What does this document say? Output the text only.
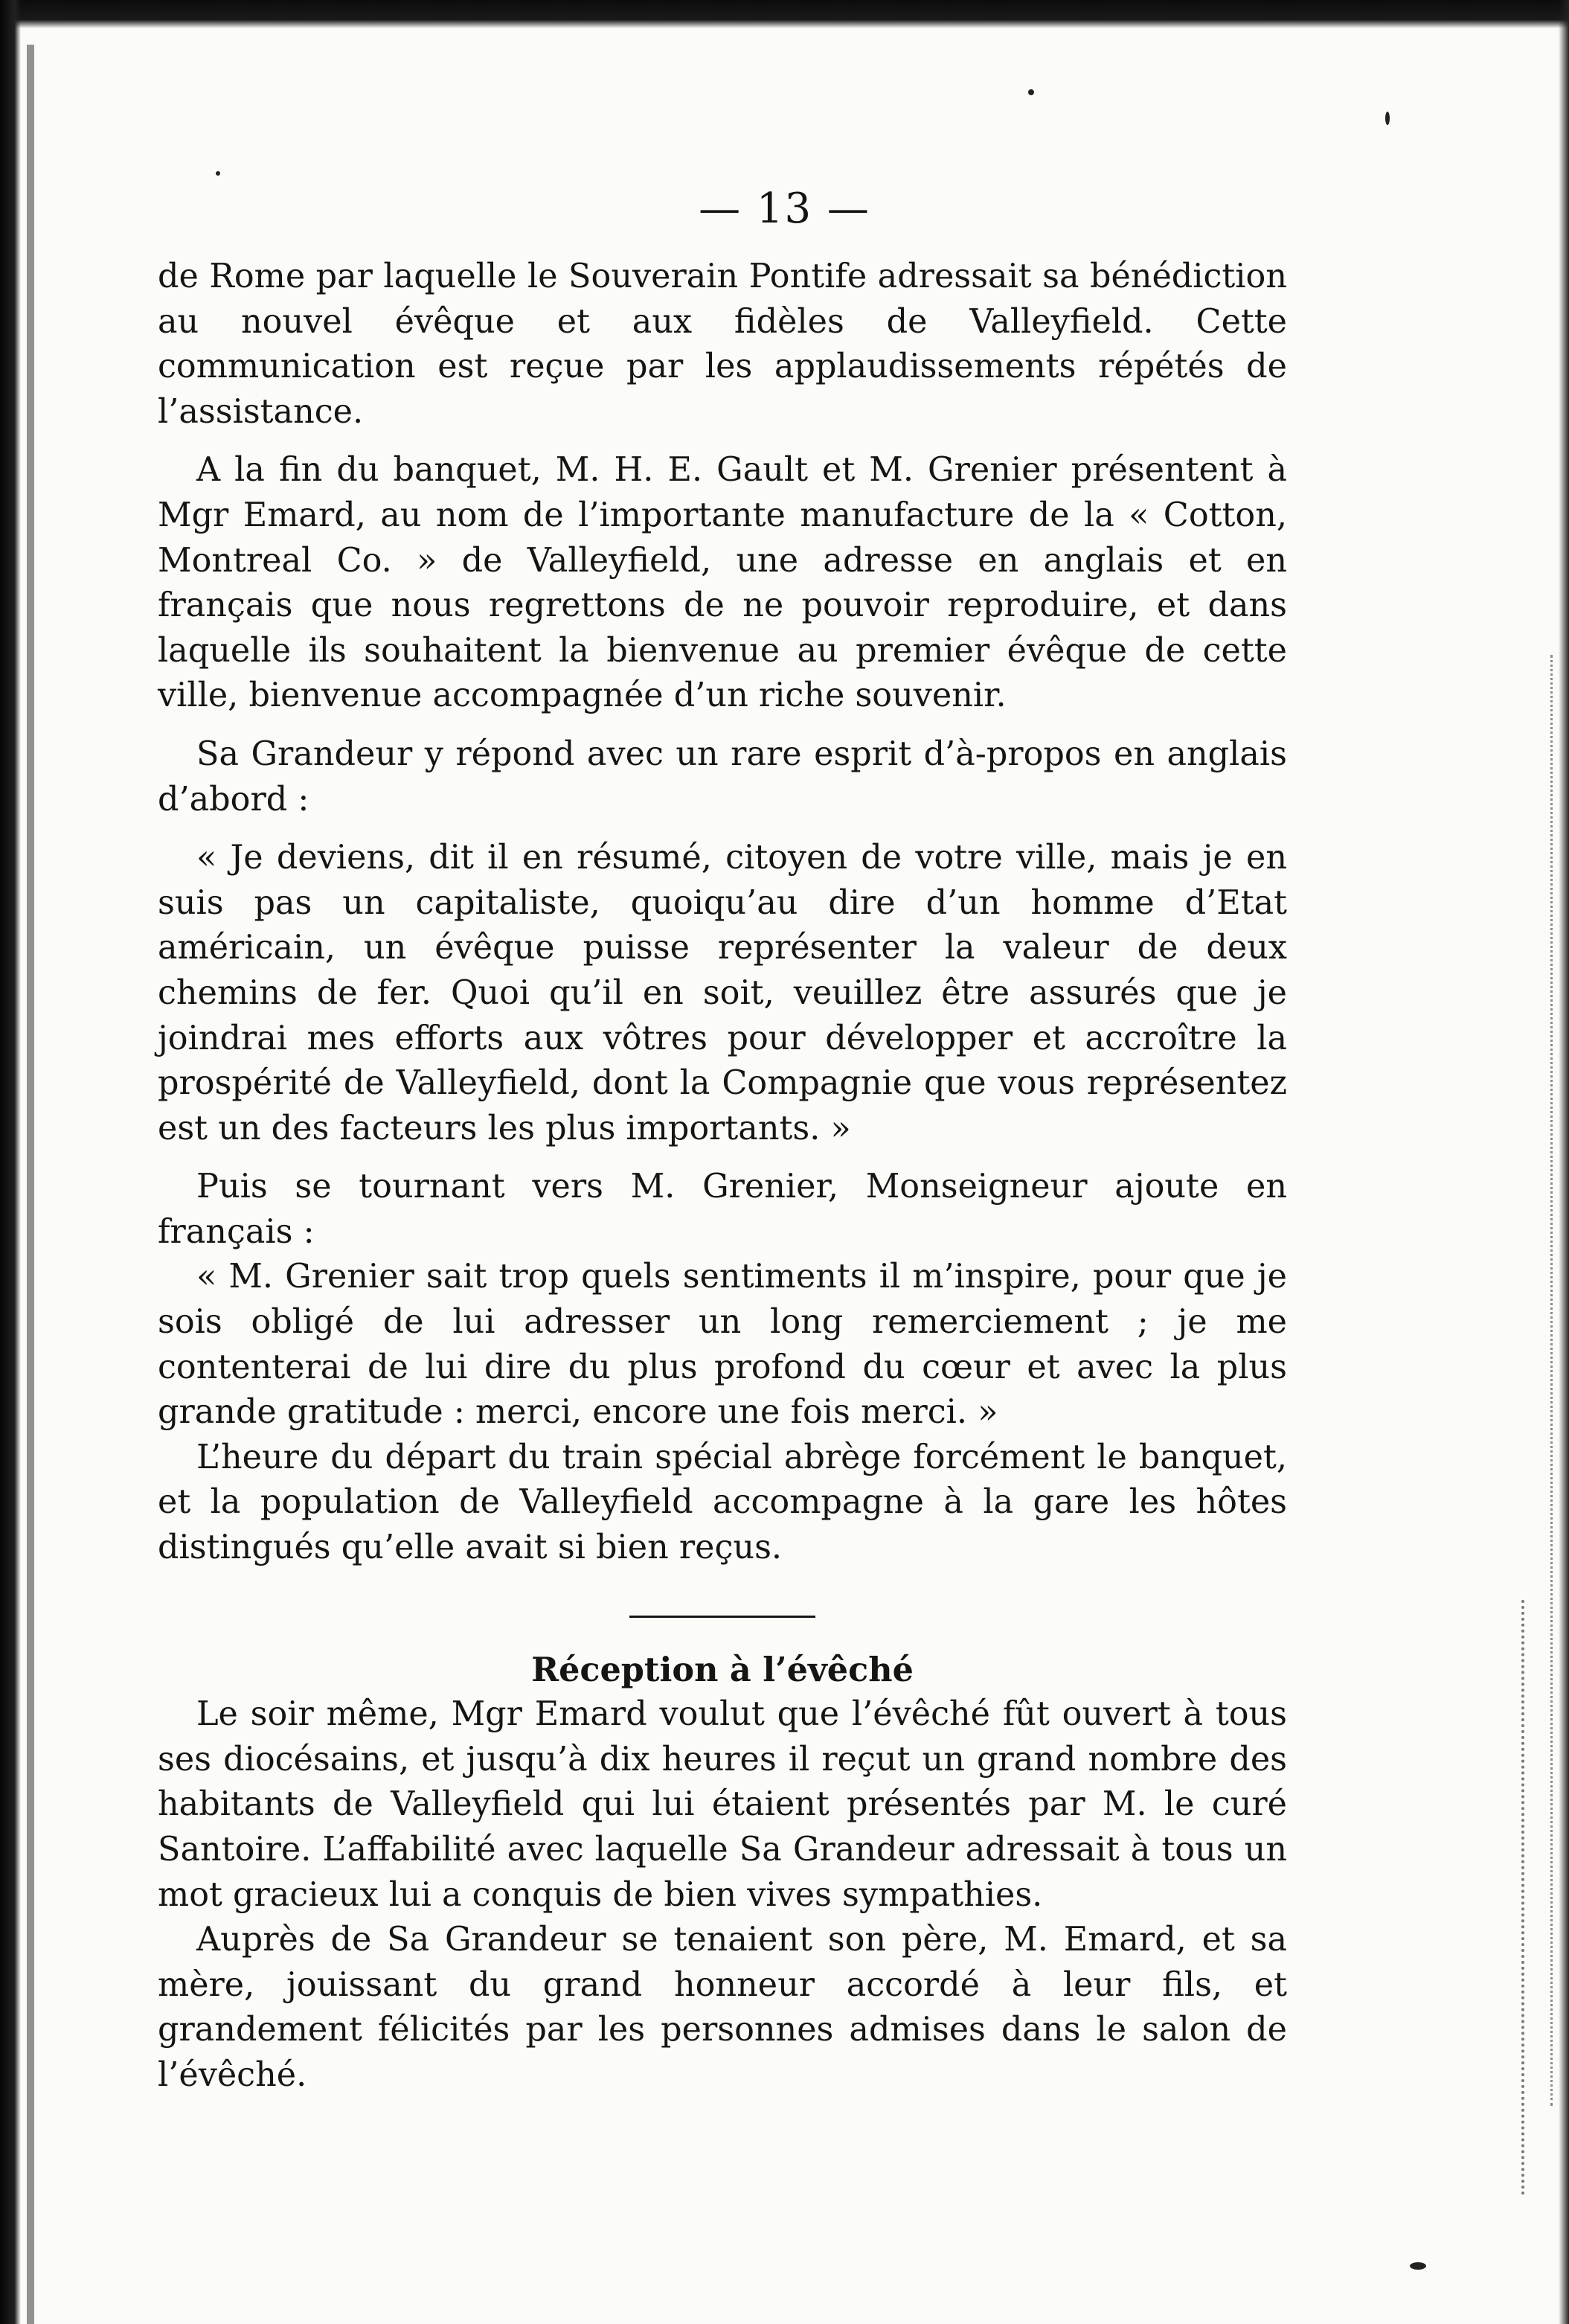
— 13 —

de Rome par laquelle le Souverain Pontife adressait sa bénédiction au nouvel évêque et aux fidèles de Valleyfield. Cette communication est reçue par les applaudissements répétés de l’assistance.

A la fin du banquet, M. H. E. Gault et M. Grenier présentent à Mgr Emard, au nom de l’importante manufacture de la « Cotton, Montreal Co. » de Valleyfield, une adresse en anglais et en français que nous regrettons de ne pouvoir reproduire, et dans laquelle ils souhaitent la bienvenue au premier évêque de cette ville, bienvenue accompagnée d’un riche souvenir.

Sa Grandeur y répond avec un rare esprit d’à-propos en anglais d’abord :

« Je deviens, dit il en résumé, citoyen de votre ville, mais je en suis pas un capitaliste, quoiqu’au dire d’un homme d’Etat américain, un évêque puisse représenter la valeur de deux chemins de fer. Quoi qu’il en soit, veuillez être assurés que je joindrai mes efforts aux vôtres pour développer et accroître la prospérité de Valleyfield, dont la Compagnie que vous représentez est un des facteurs les plus importants. »

Puis se tournant vers M. Grenier, Monseigneur ajoute en français :

« M. Grenier sait trop quels sentiments il m’inspire, pour que je sois obligé de lui adresser un long remerciement ; je me contenterai de lui dire du plus profond du cœur et avec la plus grande gratitude : merci, encore une fois merci. »

L’heure du départ du train spécial abrège forcément le banquet, et la population de Valleyfield accompagne à la gare les hôtes distingués qu’elle avait si bien reçus.

Réception à l’évêché

Le soir même, Mgr Emard voulut que l’évêché fût ouvert à tous ses diocésains, et jusqu’à dix heures il reçut un grand nombre des habitants de Valleyfield qui lui étaient présentés par M. le curé Santoire. L’affabilité avec laquelle Sa Grandeur adressait à tous un mot gracieux lui a conquis de bien vives sympathies.

Auprès de Sa Grandeur se tenaient son père, M. Emard, et sa mère, jouissant du grand honneur accordé à leur fils, et grandement félicités par les personnes admises dans le salon de l’évêché.
